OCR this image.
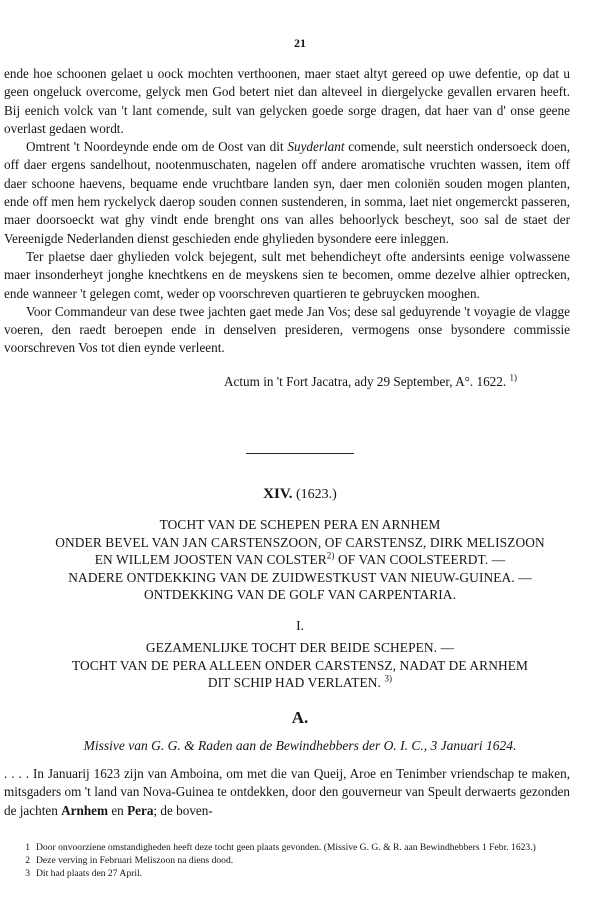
21

ende hoe schoonen gelaet u oock mochten verthoonen, maer staet altyt gereed op uwe defentie, op dat u geen ongeluck overcome, gelyck men God betert niet dan alteveel in diergelycke gevallen ervaren heeft. Bij eenich volck van 't lant comende, sult van gelycken goede sorge dragen, dat haer van d' onse geene overlast gedaen wordt.

Omtrent 't Noordeynde ende om de Oost van dit Suyderlant comende, sult neerstich ondersoeck doen, off daer ergens sandelhout, nootenmuschaten, nagelen off andere aromatische vruchten wassen, item off daer schoone haevens, bequame ende vruchtbare landen syn, daer men coloniën souden mogen planten, ende off men hem ryckelyck daerop souden connen sustenderen, in somma, laet niet ongemerckt passeren, maer doorsoeckt wat ghy vindt ende brenght ons van alles behoorlyck bescheyt, soo sal de staet der Vereenigde Nederlanden dienst geschieden ende ghylieden bysondere eere inleggen.

Ter plaetse daer ghylieden volck bejegent, sult met behendicheyt ofte andersints eenige volwassene maer insonderheyt jonghe knechtkens en de meyskens sien te becomen, omme dezelve alhier optrecken, ende wanneer 't gelegen comt, weder op voorschreven quartieren te gebruycken mooghen.

Voor Commandeur van dese twee jachten gaet mede Jan Vos; dese sal geduyrende 't voyagie de vlagge voeren, den raedt beroepen ende in denselven presideren, vermogens onse bysondere commissie voorschreven Vos tot dien eynde verleent.

Actum in 't Fort Jacatra, ady 29 September, A°. 1622. $^{1)}$
XIV. (1623.)
TOCHT VAN DE SCHEPEN PERA EN ARNHEM
ONDER BEVEL VAN JAN CARSTENSZOON, OF CARSTENSZ, DIRK MELISZOON
EN WILLEM JOOSTEN VAN COLSTER$^{2)}$ OF VAN COOLSTEERDT. —
NADERE ONTDEKKING VAN DE ZUIDWESTKUST VAN NIEUW-GUINEA. —
ONTDEKKING VAN DE GOLF VAN CARPENTARIA.
I.
GEZAMENLIJKE TOCHT DER BEIDE SCHEPEN. —
TOCHT VAN DE PERA ALLEEN ONDER CARSTENSZ, NADAT DE ARNHEM
DIT SCHIP HAD VERLATEN. $^{3)}$
A.
Missive van G. G. & Raden aan de Bewindhebbers der O. I. C., 3 Januari 1624.

. . . . In Januarij 1623 zijn van Amboina, om met die van Queij, Aroe en Tenimber vriendschap te maken, mitsgaders om 't land van Nova-Guinea te ontdekken, door den gouverneur van Speult derwaerts gezonden de jachten Arnhem en Pera; de boven-

1 Door onvoorziene omstandigheden heeft deze tocht geen plaats gevonden. (Missive G. G. & R. aan Bewindhebbers 1 Febr. 1623.)
2 Deze verving in Februari Meliszoon na diens dood.
3 Dit had plaats den 27 April.
